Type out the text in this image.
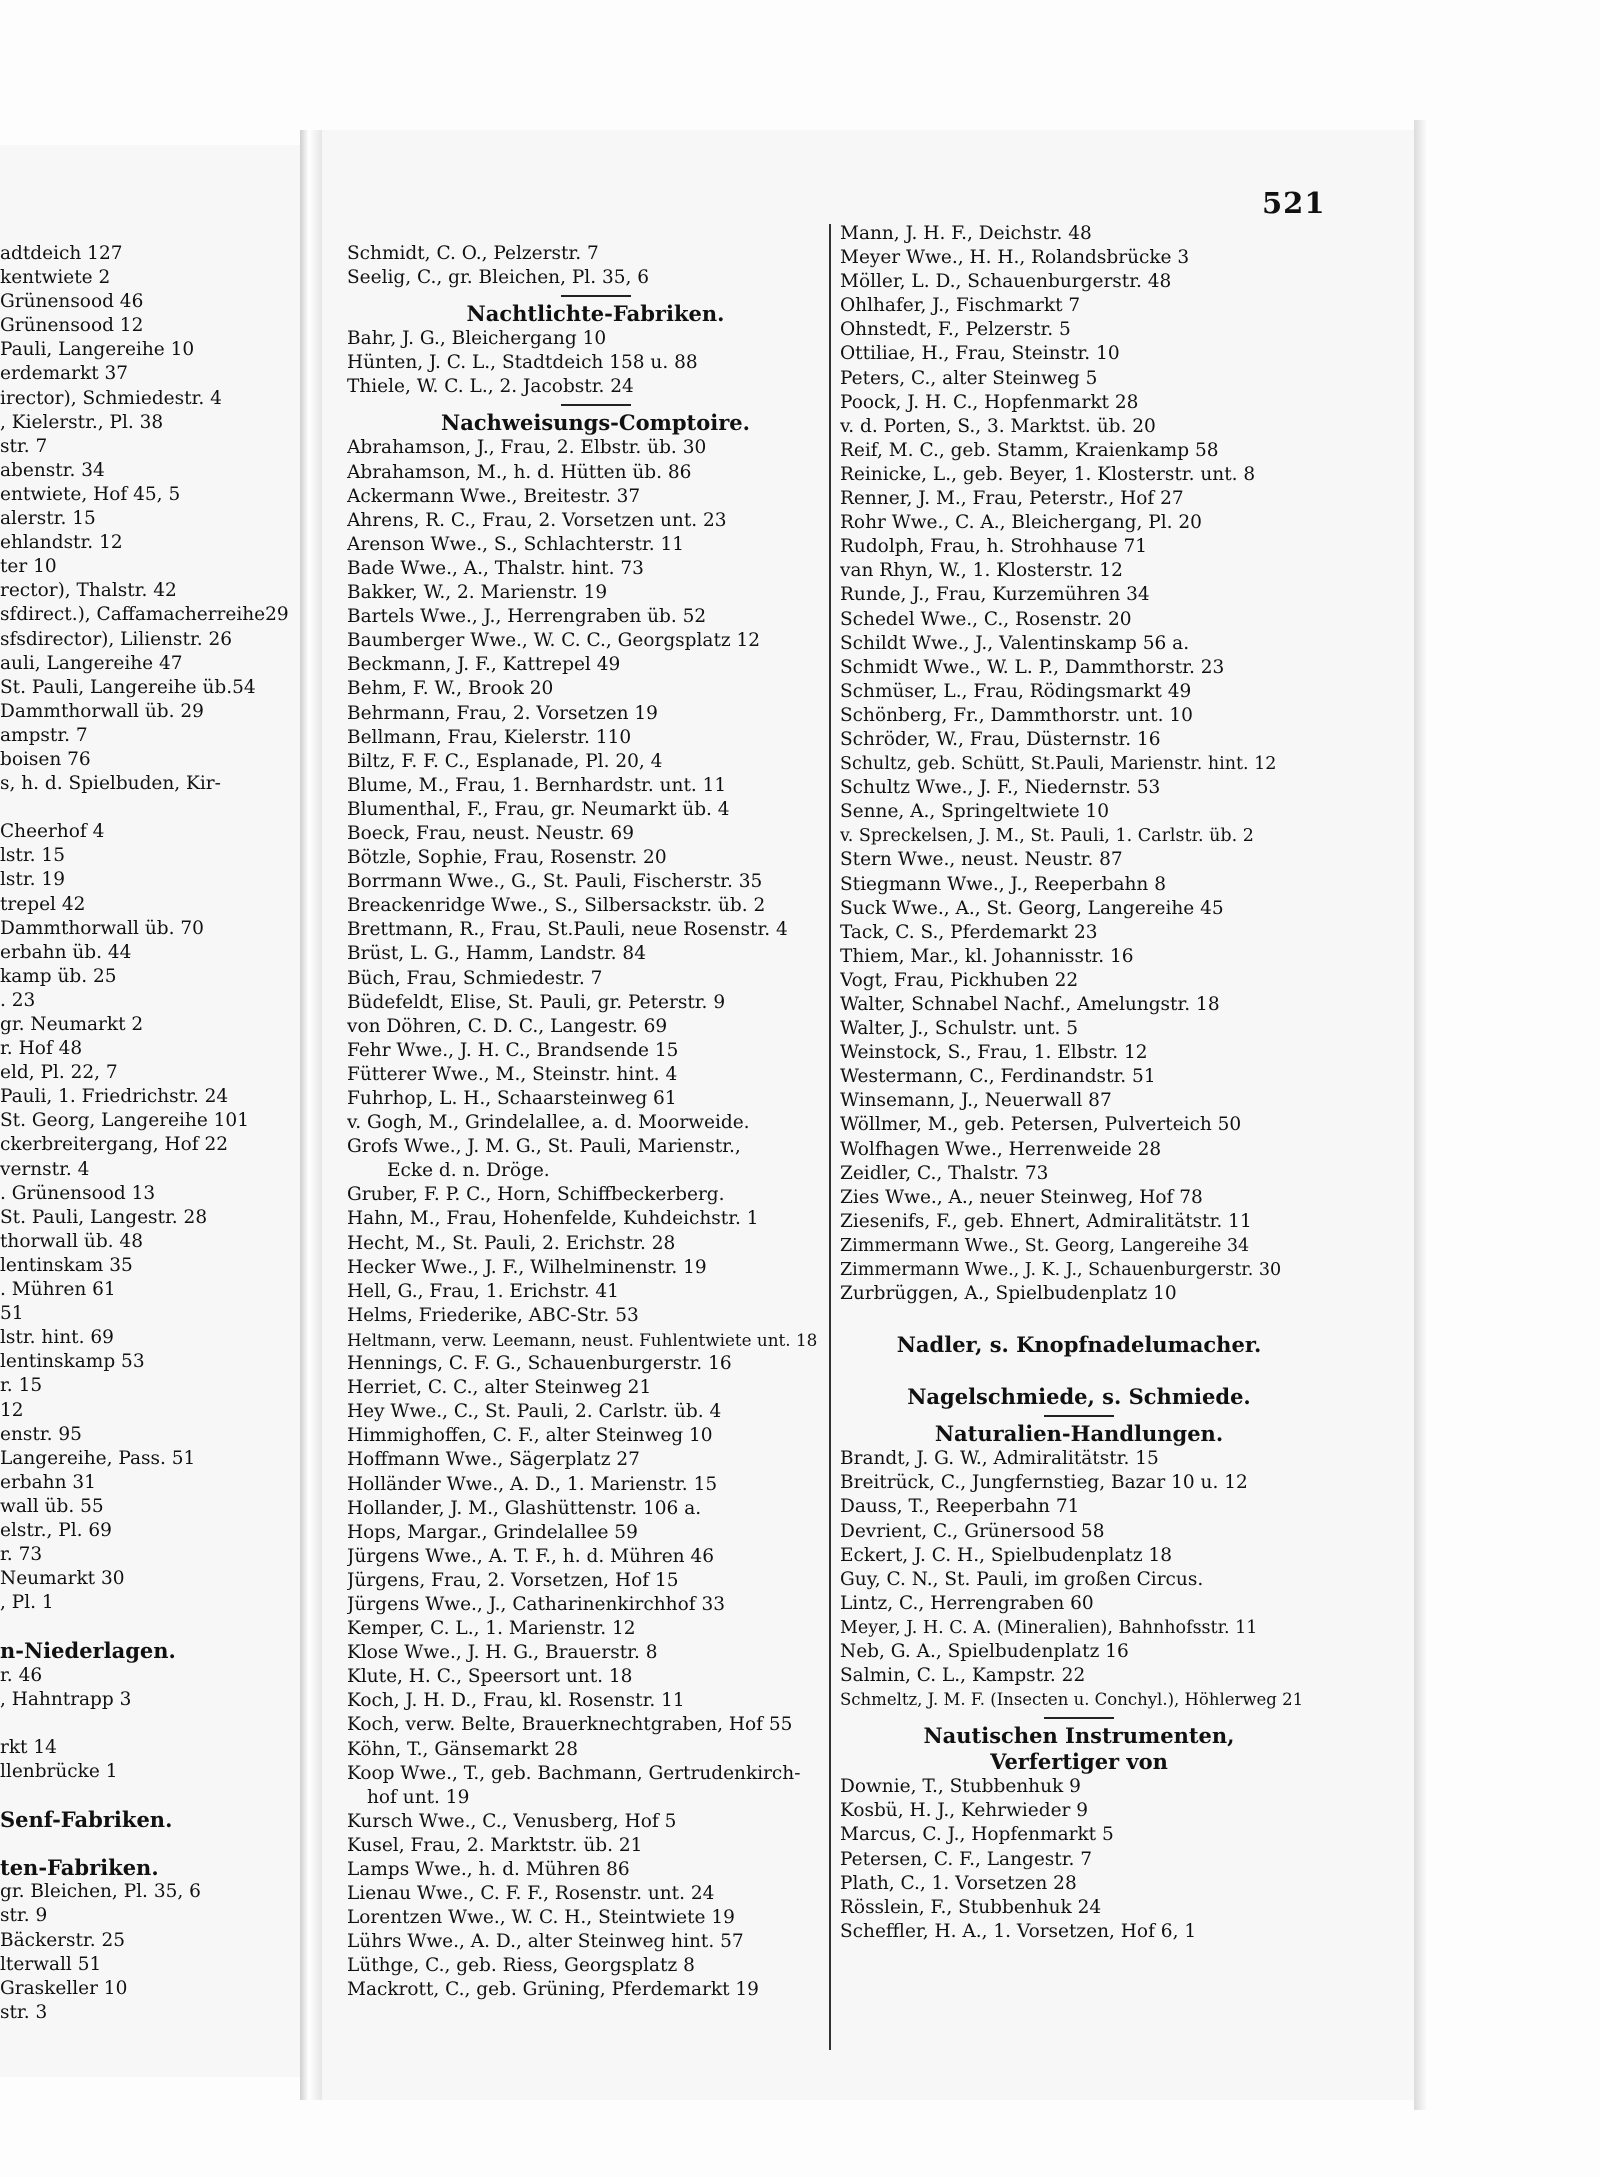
521
adtdeich 127
kentwiete 2
Grünensood 46
Grünensood 12
Pauli, Langereihe 10
erdemarkt 37
irector), Schmiedestr. 4
, Kielerstr., Pl. 38
str. 7
abenstr. 34
entwiete, Hof 45, 5
alerstr. 15
ehlandstr. 12
ter 10
rector), Thalstr. 42
sfdirect.), Caffamacherreihe29
sfsdirector), Lilienstr. 26
auli, Langereihe 47
St. Pauli, Langereihe üb.54
Dammthorwall üb. 29
ampstr. 7
boisen 76
s, h. d. Spielbuden, Kir-
Cheerhof 4
lstr. 15
lstr. 19
trepel 42
Dammthorwall üb. 70
erbahn üb. 44
kamp üb. 25
. 23
gr. Neumarkt 2
r. Hof 48
eld, Pl. 22, 7
Pauli, 1. Friedrichstr. 24
St. Georg, Langereihe 101
ckerbreitergang, Hof 22
vernstr. 4
. Grünensood 13
St. Pauli, Langestr. 28
thorwall üb. 48
lentinskam 35
. Mühren 61
51
lstr. hint. 69
lentinskamp 53
r. 15
12
enstr. 95
Langereihe, Pass. 51
erbahn 31
wall üb. 55
elstr., Pl. 69
r. 73
Neumarkt 30
, Pl. 1
n-Niederlagen.
r. 46
, Hahntrapp 3
rkt 14
llenbrücke 1
Senf-Fabriken.
ten-Fabriken.
gr. Bleichen, Pl. 35, 6
str. 9
Bäckerstr. 25
lterwall 51
Graskeller 10
str. 3
Schmidt, C. O., Pelzerstr. 7
Seelig, C., gr. Bleichen, Pl. 35, 6
Nachtlichte-Fabriken.
Bahr, J. G., Bleichergang 10
Hünten, J. C. L., Stadtdeich 158 u. 88
Thiele, W. C. L., 2. Jacobstr. 24
Nachweisungs-Comptoire.
Abrahamson, J., Frau, 2. Elbstr. üb. 30
Abrahamson, M., h. d. Hütten üb. 86
Ackermann Wwe., Breitestr. 37
Ahrens, R. C., Frau, 2. Vorsetzen unt. 23
Arenson Wwe., S., Schlachterstr. 11
Bade Wwe., A., Thalstr. hint. 73
Bakker, W., 2. Marienstr. 19
Bartels Wwe., J., Herrengraben üb. 52
Baumberger Wwe., W. C. C., Georgsplatz 12
Beckmann, J. F., Kattrepel 49
Behm, F. W., Brook 20
Behrmann, Frau, 2. Vorsetzen 19
Bellmann, Frau, Kielerstr. 110
Biltz, F. F. C., Esplanade, Pl. 20, 4
Blume, M., Frau, 1. Bernhardstr. unt. 11
Blumenthal, F., Frau, gr. Neumarkt üb. 4
Boeck, Frau, neust. Neustr. 69
Bötzle, Sophie, Frau, Rosenstr. 20
Borrmann Wwe., G., St. Pauli, Fischerstr. 35
Breackenridge Wwe., S., Silbersackstr. üb. 2
Brettmann, R., Frau, St.Pauli, neue Rosenstr. 4
Brüst, L. G., Hamm, Landstr. 84
Büch, Frau, Schmiedestr. 7
Büdefeldt, Elise, St. Pauli, gr. Peterstr. 9
von Döhren, C. D. C., Langestr. 69
Fehr Wwe., J. H. C., Brandsende 15
Fütterer Wwe., M., Steinstr. hint. 4
Fuhrhop, L. H., Schaarsteinweg 61
v. Gogh, M., Grindelallee, a. d. Moorweide.
Grofs Wwe., J. M. G., St. Pauli, Marienstr.,
Ecke d. n. Dröge.
Gruber, F. P. C., Horn, Schiffbeckerberg.
Hahn, M., Frau, Hohenfelde, Kuhdeichstr. 1
Hecht, M., St. Pauli, 2. Erichstr. 28
Hecker Wwe., J. F., Wilhelminenstr. 19
Hell, G., Frau, 1. Erichstr. 41
Helms, Friederike, ABC-Str. 53
Heltmann, verw. Leemann, neust. Fuhlentwiete unt. 18
Hennings, C. F. G., Schauenburgerstr. 16
Herriet, C. C., alter Steinweg 21
Hey Wwe., C., St. Pauli, 2. Carlstr. üb. 4
Himmighoffen, C. F., alter Steinweg 10
Hoffmann Wwe., Sägerplatz 27
Holländer Wwe., A. D., 1. Marienstr. 15
Hollander, J. M., Glashüttenstr. 106 a.
Hops, Margar., Grindelallee 59
Jürgens Wwe., A. T. F., h. d. Mühren 46
Jürgens, Frau, 2. Vorsetzen, Hof 15
Jürgens Wwe., J., Catharinenkirchhof 33
Kemper, C. L., 1. Marienstr. 12
Klose Wwe., J. H. G., Brauerstr. 8
Klute, H. C., Speersort unt. 18
Koch, J. H. D., Frau, kl. Rosenstr. 11
Koch, verw. Belte, Brauerknechtgraben, Hof 55
Köhn, T., Gänsemarkt 28
Koop Wwe., T., geb. Bachmann, Gertrudenkirch-
hof unt. 19
Kursch Wwe., C., Venusberg, Hof 5
Kusel, Frau, 2. Marktstr. üb. 21
Lamps Wwe., h. d. Mühren 86
Lienau Wwe., C. F. F., Rosenstr. unt. 24
Lorentzen Wwe., W. C. H., Steintwiete 19
Lührs Wwe., A. D., alter Steinweg hint. 57
Lüthge, C., geb. Riess, Georgsplatz 8
Mackrott, C., geb. Grüning, Pferdemarkt 19
Mann, J. H. F., Deichstr. 48
Meyer Wwe., H. H., Rolandsbrücke 3
Möller, L. D., Schauenburgerstr. 48
Ohlhafer, J., Fischmarkt 7
Ohnstedt, F., Pelzerstr. 5
Ottiliae, H., Frau, Steinstr. 10
Peters, C., alter Steinweg 5
Poock, J. H. C., Hopfenmarkt 28
v. d. Porten, S., 3. Marktst. üb. 20
Reif, M. C., geb. Stamm, Kraienkamp 58
Reinicke, L., geb. Beyer, 1. Klosterstr. unt. 8
Renner, J. M., Frau, Peterstr., Hof 27
Rohr Wwe., C. A., Bleichergang, Pl. 20
Rudolph, Frau, h. Strohhause 71
van Rhyn, W., 1. Klosterstr. 12
Runde, J., Frau, Kurzemühren 34
Schedel Wwe., C., Rosenstr. 20
Schildt Wwe., J., Valentinskamp 56 a.
Schmidt Wwe., W. L. P., Dammthorstr. 23
Schmüser, L., Frau, Rödingsmarkt 49
Schönberg, Fr., Dammthorstr. unt. 10
Schröder, W., Frau, Düsternstr. 16
Schultz, geb. Schütt, St.Pauli, Marienstr. hint. 12
Schultz Wwe., J. F., Niedernstr. 53
Senne, A., Springeltwiete 10
v. Spreckelsen, J. M., St. Pauli, 1. Carlstr. üb. 2
Stern Wwe., neust. Neustr. 87
Stiegmann Wwe., J., Reeperbahn 8
Suck Wwe., A., St. Georg, Langereihe 45
Tack, C. S., Pferdemarkt 23
Thiem, Mar., kl. Johannisstr. 16
Vogt, Frau, Pickhuben 22
Walter, Schnabel Nachf., Amelungstr. 18
Walter, J., Schulstr. unt. 5
Weinstock, S., Frau, 1. Elbstr. 12
Westermann, C., Ferdinandstr. 51
Winsemann, J., Neuerwall 87
Wöllmer, M., geb. Petersen, Pulverteich 50
Wolfhagen Wwe., Herrenweide 28
Zeidler, C., Thalstr. 73
Zies Wwe., A., neuer Steinweg, Hof 78
Ziesenifs, F., geb. Ehnert, Admiralitätstr. 11
Zimmermann Wwe., St. Georg, Langereihe 34
Zimmermann Wwe., J. K. J., Schauenburgerstr. 30
Zurbrüggen, A., Spielbudenplatz 10
Nadler, s. Knopfnadelumacher.
Nagelschmiede, s. Schmiede.
Naturalien-Handlungen.
Brandt, J. G. W., Admiralitätstr. 15
Breitrück, C., Jungfernstieg, Bazar 10 u. 12
Dauss, T., Reeperbahn 71
Devrient, C., Grünersood 58
Eckert, J. C. H., Spielbudenplatz 18
Guy, C. N., St. Pauli, im großen Circus.
Lintz, C., Herrengraben 60
Meyer, J. H. C. A. (Mineralien), Bahnhofsstr. 11
Neb, G. A., Spielbudenplatz 16
Salmin, C. L., Kampstr. 22
Schmeltz, J. M. F. (Insecten u. Conchyl.), Höhlerweg 21
Nautischen Instrumenten,
Verfertiger von
Downie, T., Stubbenhuk 9
Kosbü, H. J., Kehrwieder 9
Marcus, C. J., Hopfenmarkt 5
Petersen, C. F., Langestr. 7
Plath, C., 1. Vorsetzen 28
Rösslein, F., Stubbenhuk 24
Scheffler, H. A., 1. Vorsetzen, Hof 6, 1
